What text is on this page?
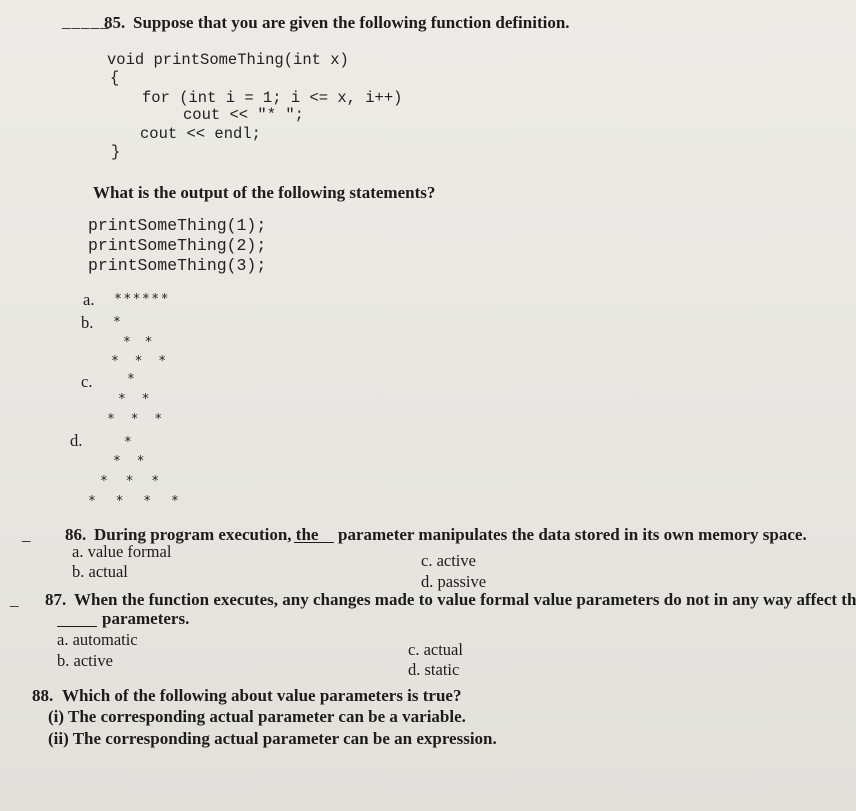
_____
85. Suppose that you are given the following function definition.
void printSomeThing(int x)
{
for (int i = 1; i <= x, i++)
cout << "* ";
cout << endl;
}
What is the output of the following statements?
printSomeThing(1);
printSomeThing(2);
printSomeThing(3);
a. ******
b. *
* *
* * *
c.	*
* *
* * *
d.	*
* *
* * *
* * * *
_ 86. During program execution, the parameter manipulates the data stored in its own memory space.
a. value formal
b. actual
c. active
d. passive
_ 87. When the function executes, any changes made to value formal value parameters do not in any way affect th
parameters.
a. automatic
b. active
c. actual
d. static
88. Which of the following about value parameters is true?
(i) The corresponding actual parameter can be a variable.
(ii) The corresponding actual parameter can be an expression.
